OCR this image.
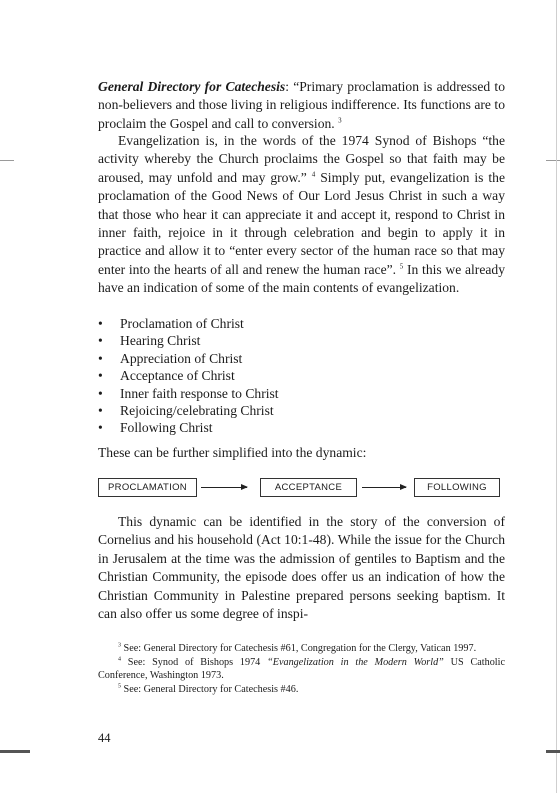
General Directory for Catechesis: “Primary proclamation is addressed to non-believers and those living in religious indifference. Its functions are to proclaim the Gospel and call to conversion. $^3$
Evangelization is, in the words of the 1974 Synod of Bishops “the activity whereby the Church proclaims the Gospel so that faith may be aroused, may unfold and may grow.” $^4$ Simply put, evangelization is the proclamation of the Good News of Our Lord Jesus Christ in such a way that those who hear it can appreciate it and accept it, respond to Christ in inner faith, rejoice in it through celebration and begin to apply it in practice and allow it to “enter every sector of the human race so that may enter into the hearts of all and renew the human race”. $^5$ In this we already have an indication of some of the main contents of evangelization.
• Proclamation of Christ
• Hearing Christ
• Appreciation of Christ
• Acceptance of Christ
• Inner faith response to Christ
• Rejoicing/celebrating Christ
• Following Christ
These can be further simplified into the dynamic:
PROCLAMATION	ACCEPTANCE	FOLLOWING
This dynamic can be identified in the story of the conversion of Cornelius and his household (Act 10:1-48). While the issue for the Church in Jerusalem at the time was the admission of gentiles to Baptism and the Christian Community, the episode does offer us an indication of how the Christian Community in Palestine prepared persons seeking baptism. It can also offer us some degree of inspi-

$^3$ See: General Directory for Catechesis #61, Congregation for the Clergy, Vatican 1997.

$^4$ See: Synod of Bishops 1974 “Evangelization in the Modern World” US Catholic Conference, Washington 1973.

$^5$ See: General Directory for Catechesis #46.

44
